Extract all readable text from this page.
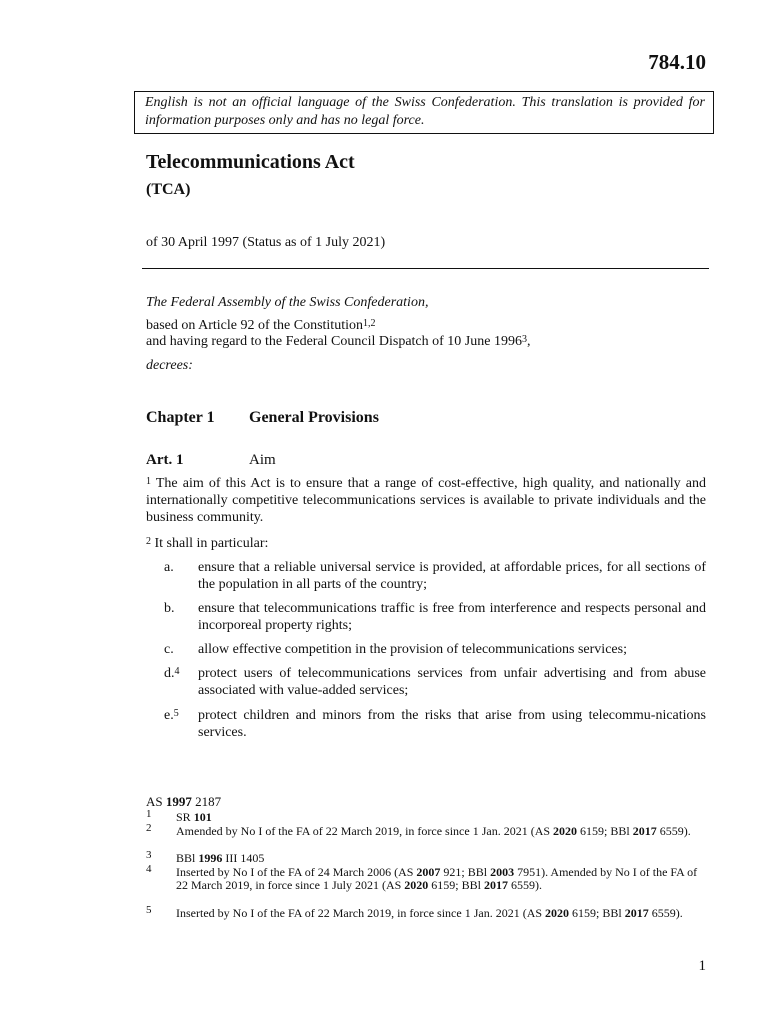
784.10
English is not an official language of the Swiss Confederation. This translation is provided for information purposes only and has no legal force.
Telecommunications Act
(TCA)
of 30 April 1997 (Status as of 1 July 2021)
The Federal Assembly of the Swiss Confederation,
based on Article 92 of the Constitution$^{1,2}$
and having regard to the Federal Council Dispatch of 10 June 1996$^3$,
decrees:
Chapter 1 General Provisions
Art. 1	Aim
$^1$ The aim of this Act is to ensure that a range of cost-effective, high quality, and nationally and internationally competitive telecommunications services is available to private individuals and the business community.
$^2$ It shall in particular:
a.	ensure that a reliable universal service is provided, at affordable prices, for all sections of the population in all parts of the country;
b.	ensure that telecommunications traffic is free from interference and respects personal and incorporeal property rights;
c.	allow effective competition in the provision of telecommunications services;
d.$^4$	protect users of telecommunications services from unfair advertising and from abuse associated with value-added services;
e.$^5$	protect children and minors from the risks that arise from using telecommu-nications services.
AS 1997 2187
1 SR 101
2 Amended by No I of the FA of 22 March 2019, in force since 1 Jan. 2021 (AS 2020 6159; BBl 2017 6559).
3 BBl 1996 III 1405
4 Inserted by No I of the FA of 24 March 2006 (AS 2007 921; BBl 2003 7951). Amended by No I of the FA of 22 March 2019, in force since 1 July 2021 (AS 2020 6159; BBl 2017 6559).
5 Inserted by No I of the FA of 22 March 2019, in force since 1 Jan. 2021 (AS 2020 6159; BBl 2017 6559).
1
